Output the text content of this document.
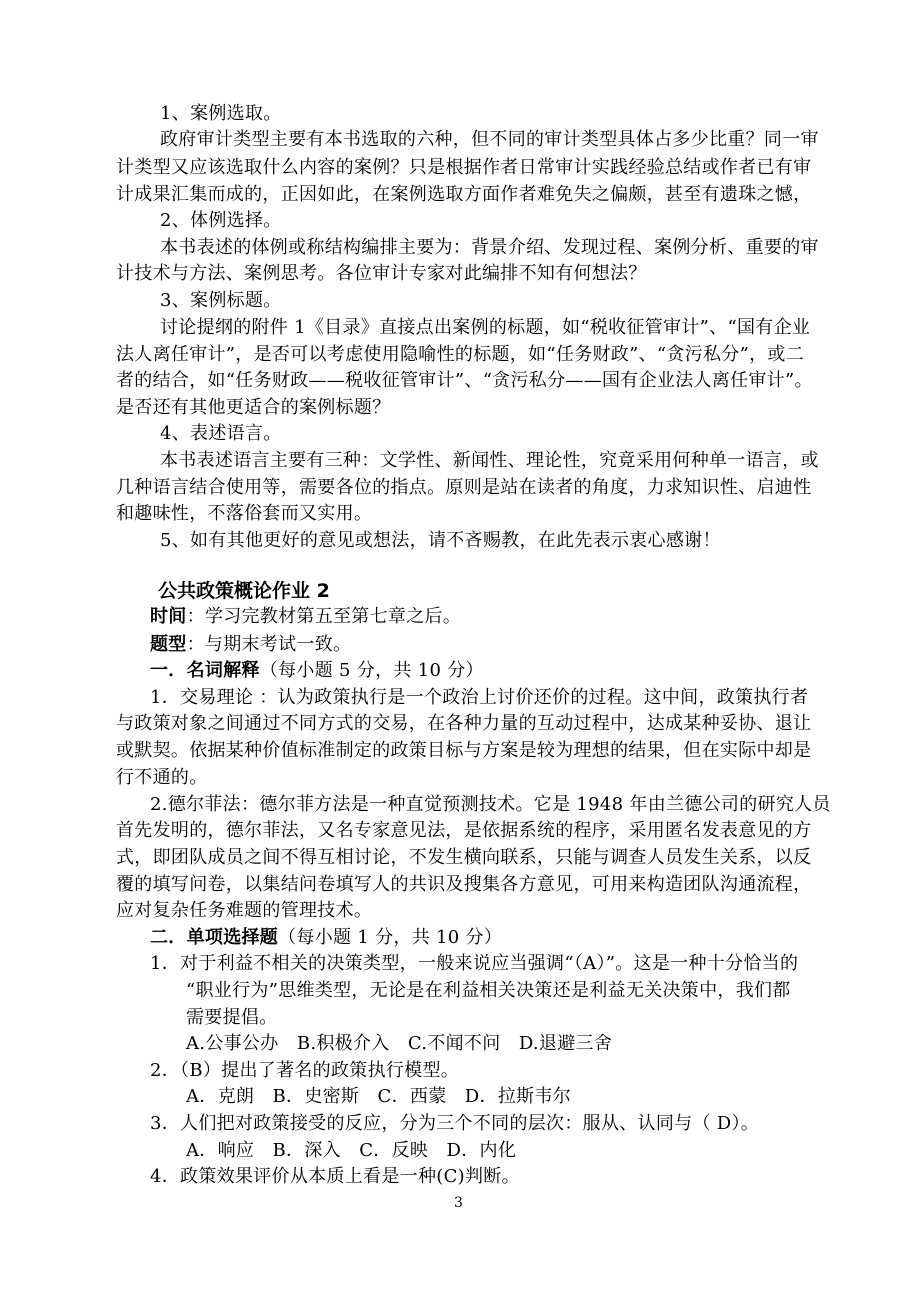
1、案例选取。
政府审计类型主要有本书选取的六种，但不同的审计类型具体占多少比重？同一审
计类型又应该选取什么内容的案例？只是根据作者日常审计实践经验总结或作者已有审
计成果汇集而成的，正因如此，在案例选取方面作者难免失之偏颇，甚至有遗珠之憾，
2、体例选择。
本书表述的体例或称结构编排主要为：背景介绍、发现过程、案例分析、重要的审
计技术与方法、案例思考。各位审计专家对此编排不知有何想法？
3、案例标题。
讨论提纲的附件 1《目录》直接点出案例的标题，如“税收征管审计”、“国有企业
法人离任审计”，是否可以考虑使用隐喻性的标题，如“任务财政”、“贪污私分”，或二
者的结合，如“任务财政——税收征管审计”、“贪污私分——国有企业法人离任审计”。
是否还有其他更适合的案例标题？
4、表述语言。
本书表述语言主要有三种：文学性、新闻性、理论性，究竟采用何种单一语言，或
几种语言结合使用等，需要各位的指点。原则是站在读者的角度，力求知识性、启迪性
和趣味性，不落俗套而又实用。
5、如有其他更好的意见或想法，请不吝赐教，在此先表示衷心感谢！
公共政策概论作业 2
时间：学习完教材第五至第七章之后。
题型：与期末考试一致。
一．名词解释（每小题 5 分，共 10 分）
1．交易理论 ：认为政策执行是一个政治上讨价还价的过程。这中间，政策执行者
与政策对象之间通过不同方式的交易，在各种力量的互动过程中，达成某种妥协、退让
或默契。依据某种价值标准制定的政策目标与方案是较为理想的结果，但在实际中却是
行不通的。
2.德尔菲法：德尔菲方法是一种直觉预测技术。它是 1948 年由兰德公司的研究人员
首先发明的，德尔菲法，又名专家意见法，是依据系统的程序，采用匿名发表意见的方
式，即团队成员之间不得互相讨论，不发生横向联系，只能与调查人员发生关系，以反
覆的填写问卷，以集结问卷填写人的共识及搜集各方意见，可用来构造团队沟通流程，
应对复杂任务难题的管理技术。
二．单项选择题（每小题 1 分，共 10 分）
1．对于利益不相关的决策类型，一般来说应当强调“（A）”。这是一种十分恰当的
“职业行为”思维类型，无论是在利益相关决策还是利益无关决策中，我们都
需要提倡。
A.公事公办　B.积极介入　C.不闻不问　D.退避三舍
2．（B）提出了著名的政策执行模型。
A．克朗　B．史密斯　C．西蒙　D．拉斯韦尔
3．人们把对政策接受的反应，分为三个不同的层次：服从、认同与（ D）。
A．响应　B．深入　C．反映　D．内化
4．政策效果评价从本质上看是一种(C)判断。
3
